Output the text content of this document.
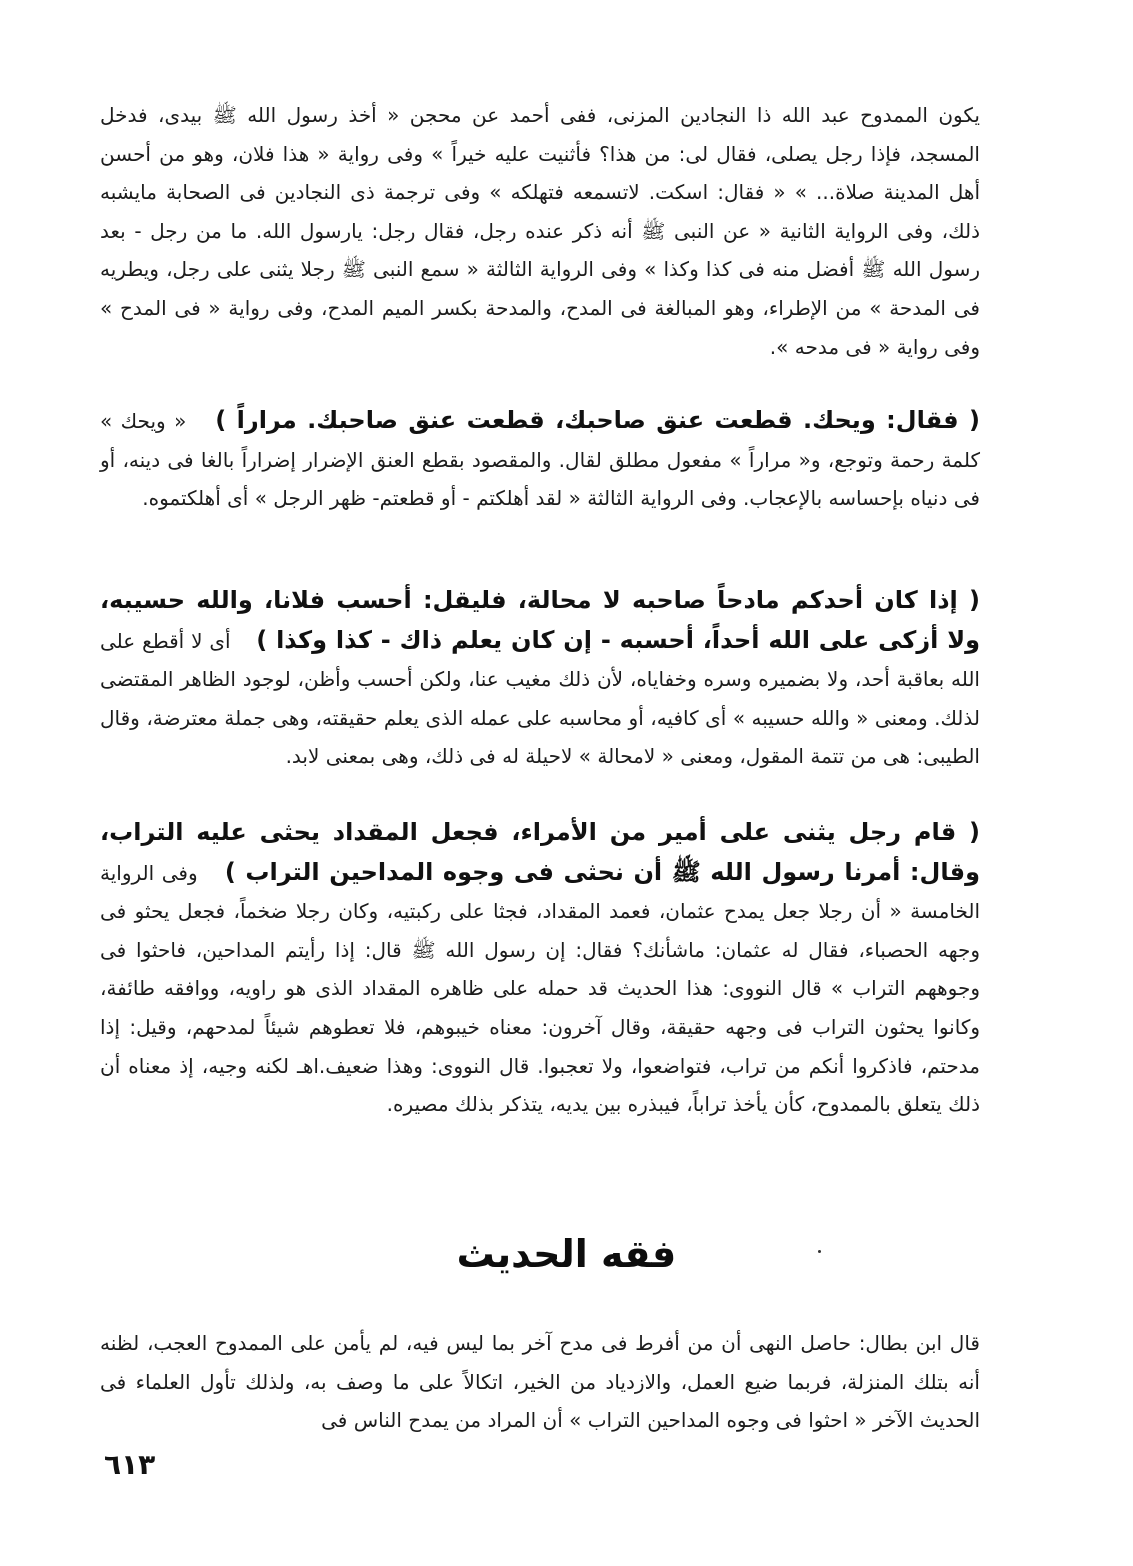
يكون الممدوح عبد الله ذا النجادين المزنى، ففى أحمد عن محجن « أخذ رسول الله ﷺ بيدى، فدخل المسجد، فإذا رجل يصلى، فقال لى: من هذا؟ فأثنيت عليه خيراً » وفى رواية « هذا فلان، وهو من أحسن أهل المدينة صلاة... » « فقال: اسكت. لاتسمعه فتهلكه » وفى ترجمة ذى النجادين فى الصحابة مايشبه ذلك، وفى الرواية الثانية « عن النبى ﷺ أنه ذكر عنده رجل، فقال رجل: يارسول الله. ما من رجل - بعد رسول الله ﷺ أفضل منه فى كذا وكذا » وفى الرواية الثالثة « سمع النبى ﷺ رجلا يثنى على رجل، ويطريه فى المدحة » من الإطراء، وهو المبالغة فى المدح، والمدحة بكسر الميم المدح، وفى رواية « فى المدح » وفى رواية « فى مدحه ».

( فقال: ويحك. قطعت عنق صاحبك، قطعت عنق صاحبك. مراراً )  « ويحك » كلمة رحمة وتوجع، و« مراراً » مفعول مطلق لقال. والمقصود بقطع العنق الإضرار إضراراً بالغا فى دينه، أو فى دنياه بإحساسه بالإعجاب. وفى الرواية الثالثة « لقد أهلكتم - أو قطعتم- ظهر الرجل » أى أهلكتموه.

( إذا كان أحدكم مادحاً صاحبه لا محالة، فليقل: أحسب فلانا، والله حسيبه، ولا أزكى على الله أحداً، أحسبه - إن كان يعلم ذاك - كذا وكذا )  أى لا أقطع على الله بعاقبة أحد، ولا بضميره وسره وخفاياه، لأن ذلك مغيب عنا، ولكن أحسب وأظن، لوجود الظاهر المقتضى لذلك. ومعنى « والله حسيبه » أى كافيه، أو محاسبه على عمله الذى يعلم حقيقته، وهى جملة معترضة، وقال الطيبى: هى من تتمة المقول، ومعنى « لامحالة » لاحيلة له فى ذلك، وهى بمعنى لابد.

( قام رجل يثنى على أمير من الأمراء، فجعل المقداد يحثى عليه التراب، وقال: أمرنا رسول الله ﷺ أن نحثى فى وجوه المداحين التراب )  وفى الرواية الخامسة « أن رجلا جعل يمدح عثمان، فعمد المقداد، فجثا على ركبتيه، وكان رجلا ضخماً، فجعل يحثو فى وجهه الحصباء، فقال له عثمان: ماشأنك؟ فقال: إن رسول الله ﷺ قال: إذا رأيتم المداحين، فاحثوا فى وجوههم التراب » قال النووى: هذا الحديث قد حمله على ظاهره المقداد الذى هو راويه، ووافقه طائفة، وكانوا يحثون التراب فى وجهه حقيقة، وقال آخرون: معناه خيبوهم، فلا تعطوهم شيئاً لمدحهم، وقيل: إذا مدحتم، فاذكروا أنكم من تراب، فتواضعوا، ولا تعجبوا. قال النووى: وهذا ضعيف.اهـ لكنه وجيه، إذ معناه أن ذلك يتعلق بالممدوح، كأن يأخذ تراباً، فيبذره بين يديه، يتذكر بذلك مصيره.

فقه الحديث

قال ابن بطال: حاصل النهى أن من أفرط فى مدح آخر بما ليس فيه، لم يأمن على الممدوح العجب، لظنه أنه بتلك المنزلة، فربما ضيع العمل، والازدياد من الخير، اتكالاً على ما وصف به، ولذلك تأول العلماء فى الحديث الآخر « احثوا فى وجوه المداحين التراب » أن المراد من يمدح الناس فى

٦١٣
